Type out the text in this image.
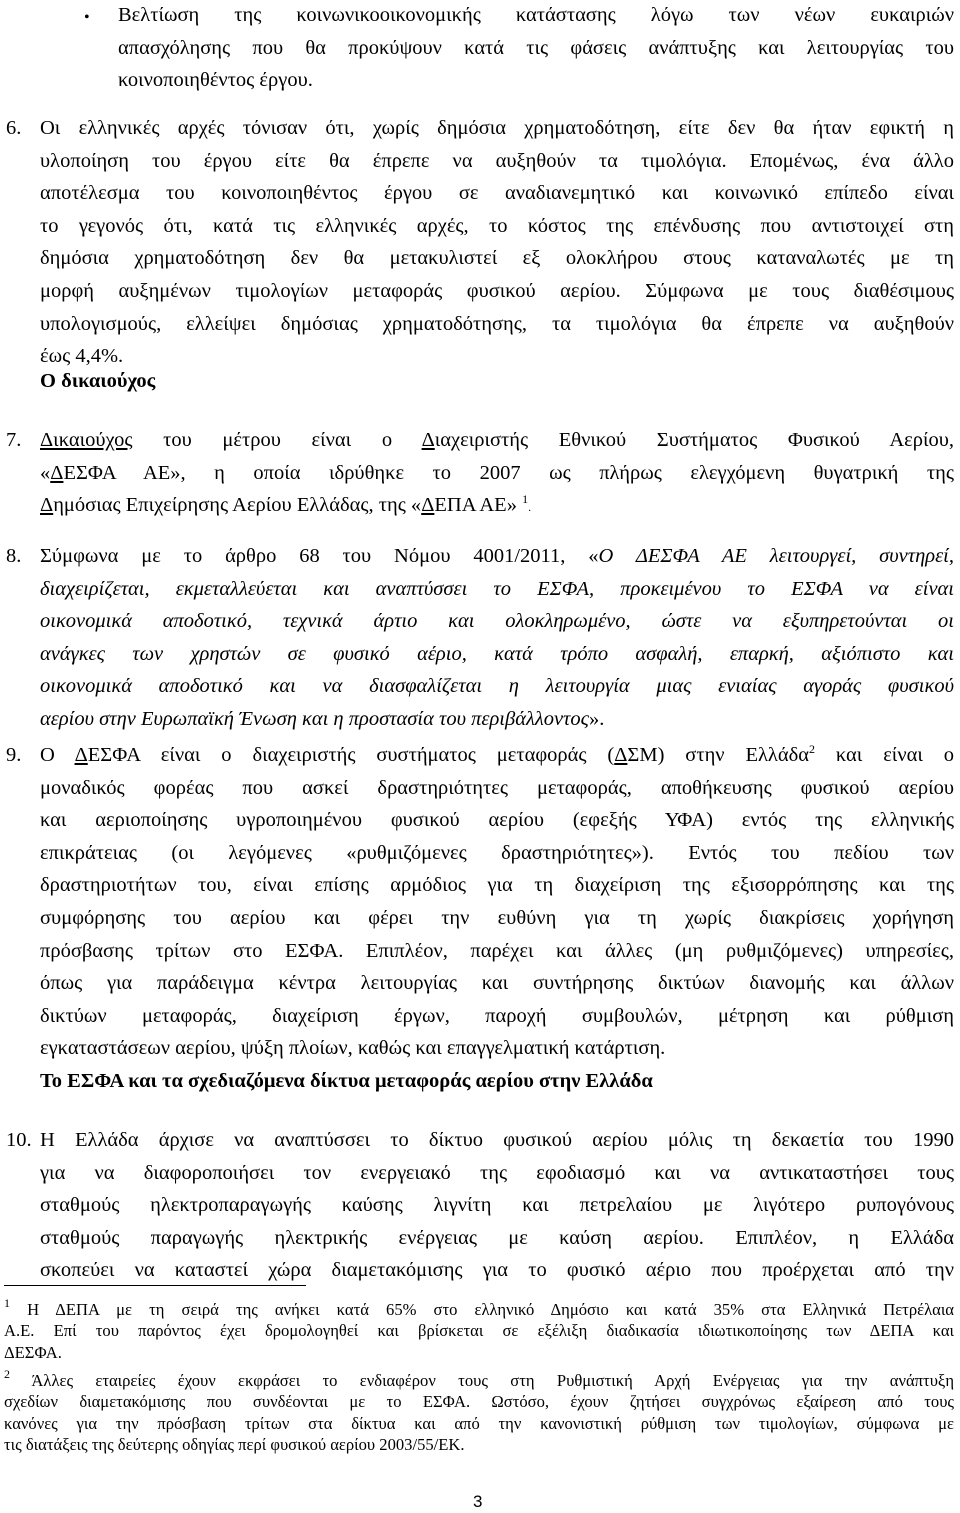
• Βελτίωση της κοινωνικοοικονομικής κατάστασης λόγω των νέων ευκαιριών
απασχόλησης που θα προκύψουν κατά τις φάσεις ανάπτυξης και λειτουργίας του
κοινοποιηθέντος έργου.
6. Οι ελληνικές αρχές τόνισαν ότι, χωρίς δημόσια χρηματοδότηση, είτε δεν θα ήταν εφικτή η
υλοποίηση του έργου είτε θα έπρεπε να αυξηθούν τα τιμολόγια. Επομένως, ένα άλλο
αποτέλεσμα του κοινοποιηθέντος έργου σε αναδιανεμητικό και κοινωνικό επίπεδο είναι
το γεγονός ότι, κατά τις ελληνικές αρχές, το κόστος της επένδυσης που αντιστοιχεί στη
δημόσια χρηματοδότηση δεν θα μετακυλιστεί εξ ολοκλήρου στους καταναλωτές με τη
μορφή αυξημένων τιμολογίων μεταφοράς φυσικού αερίου. Σύμφωνα με τους διαθέσιμους
υπολογισμούς, ελλείψει δημόσιας χρηματοδότησης, τα τιμολόγια θα έπρεπε να αυξηθούν
έως 4,4%.
Ο δικαιούχος
7. Δικαιούχος του μέτρου είναι ο Διαχειριστής Εθνικού Συστήματος Φυσικού Αερίου,
«ΔΕΣΦΑ ΑΕ», η οποία ιδρύθηκε το 2007 ως πλήρως ελεγχόμενη θυγατρική της
Δημόσιας Επιχείρησης Αερίου Ελλάδας, της «ΔΕΠΑ ΑΕ» $^1$.
8. Σύμφωνα με το άρθρο 68 του Νόμου 4001/2011, «Ο ΔΕΣΦΑ ΑΕ λειτουργεί, συντηρεί,
διαχειρίζεται, εκμεταλλεύεται και αναπτύσσει το ΕΣΦΑ, προκειμένου το ΕΣΦΑ να είναι
οικονομικά αποδοτικό, τεχνικά άρτιο και ολοκληρωμένο, ώστε να εξυπηρετούνται οι
ανάγκες των χρηστών σε φυσικό αέριο, κατά τρόπο ασφαλή, επαρκή, αξιόπιστο και
οικονομικά αποδοτικό και να διασφαλίζεται η λειτουργία μιας ενιαίας αγοράς φυσικού
αερίου στην Ευρωπαϊκή Ένωση και η προστασία του περιβάλλοντος».
9. Ο ΔΕΣΦΑ είναι ο διαχειριστής συστήματος μεταφοράς (ΔΣΜ) στην Ελλάδα$^2$ και είναι ο
μοναδικός φορέας που ασκεί δραστηριότητες μεταφοράς, αποθήκευσης φυσικού αερίου
και αεριοποίησης υγροποιημένου φυσικού αερίου (εφεξής ΥΦΑ) εντός της ελληνικής
επικράτειας (οι λεγόμενες «ρυθμιζόμενες δραστηριότητες»). Εντός του πεδίου των
δραστηριοτήτων του, είναι επίσης αρμόδιος για τη διαχείριση της εξισορρόπησης και της
συμφόρησης του αερίου και φέρει την ευθύνη για τη χωρίς διακρίσεις χορήγηση
πρόσβασης τρίτων στο ΕΣΦΑ. Επιπλέον, παρέχει και άλλες (μη ρυθμιζόμενες) υπηρεσίες,
όπως για παράδειγμα κέντρα λειτουργίας και συντήρησης δικτύων διανομής και άλλων
δικτύων μεταφοράς, διαχείριση έργων, παροχή συμβουλών, μέτρηση και ρύθμιση
εγκαταστάσεων αερίου, ψύξη πλοίων, καθώς και επαγγελματική κατάρτιση.
Το ΕΣΦΑ και τα σχεδιαζόμενα δίκτυα μεταφοράς αερίου στην Ελλάδα
10. Η Ελλάδα άρχισε να αναπτύσσει το δίκτυο φυσικού αερίου μόλις τη δεκαετία του 1990
για να διαφοροποιήσει τον ενεργειακό της εφοδιασμό και να αντικαταστήσει τους
σταθμούς ηλεκτροπαραγωγής καύσης λιγνίτη και πετρελαίου με λιγότερο ρυπογόνους
σταθμούς παραγωγής ηλεκτρικής ενέργειας με καύση αερίου. Επιπλέον, η Ελλάδα
σκοπεύει να καταστεί χώρα διαμετακόμισης για το φυσικό αέριο που προέρχεται από την
$^1$ Η ΔΕΠΑ με τη σειρά της ανήκει κατά 65% στο ελληνικό Δημόσιο και κατά 35% στα Ελληνικά Πετρέλαια
Α.Ε. Επί του παρόντος έχει δρομολογηθεί και βρίσκεται σε εξέλιξη διαδικασία ιδιωτικοποίησης των ΔΕΠΑ και
ΔΕΣΦΑ.
$^2$ Άλλες εταιρείες έχουν εκφράσει το ενδιαφέρον τους στη Ρυθμιστική Αρχή Ενέργειας για την ανάπτυξη
σχεδίων διαμετακόμισης που συνδέονται με το ΕΣΦΑ. Ωστόσο, έχουν ζητήσει συγχρόνως εξαίρεση από τους
κανόνες για την πρόσβαση τρίτων στα δίκτυα και από την κανονιστική ρύθμιση των τιμολογίων, σύμφωνα με
τις διατάξεις της δεύτερης οδηγίας περί φυσικού αερίου 2003/55/ΕΚ.
3
